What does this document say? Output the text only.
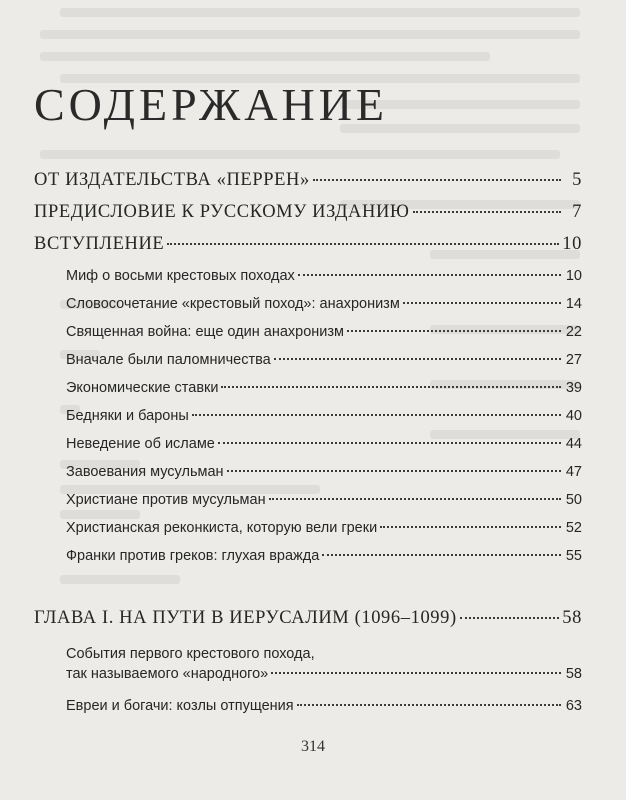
СОДЕРЖАНИЕ
ОТ ИЗДАТЕЛЬСТВА «ПЕРРЕН»	5
ПРЕДИСЛОВИЕ К РУССКОМУ ИЗДАНИЮ	7
ВСТУПЛЕНИЕ	10
Миф о восьми крестовых походах	10
Словосочетание «крестовый поход»: анахронизм	14
Священная война: еще один анахронизм	22
Вначале были паломничества	27
Экономические ставки	39
Бедняки и бароны	40
Неведение об исламе	44
Завоевания мусульман	47
Христиане против мусульман	50
Христианская реконкиста, которую вели греки	52
Франки против греков: глухая вражда	55
ГЛАВА I. НА ПУТИ В ИЕРУСАЛИМ (1096–1099)	58
События первого крестового похода,
так называемого «народного»	58
Евреи и богачи: козлы отпущения	63
314
